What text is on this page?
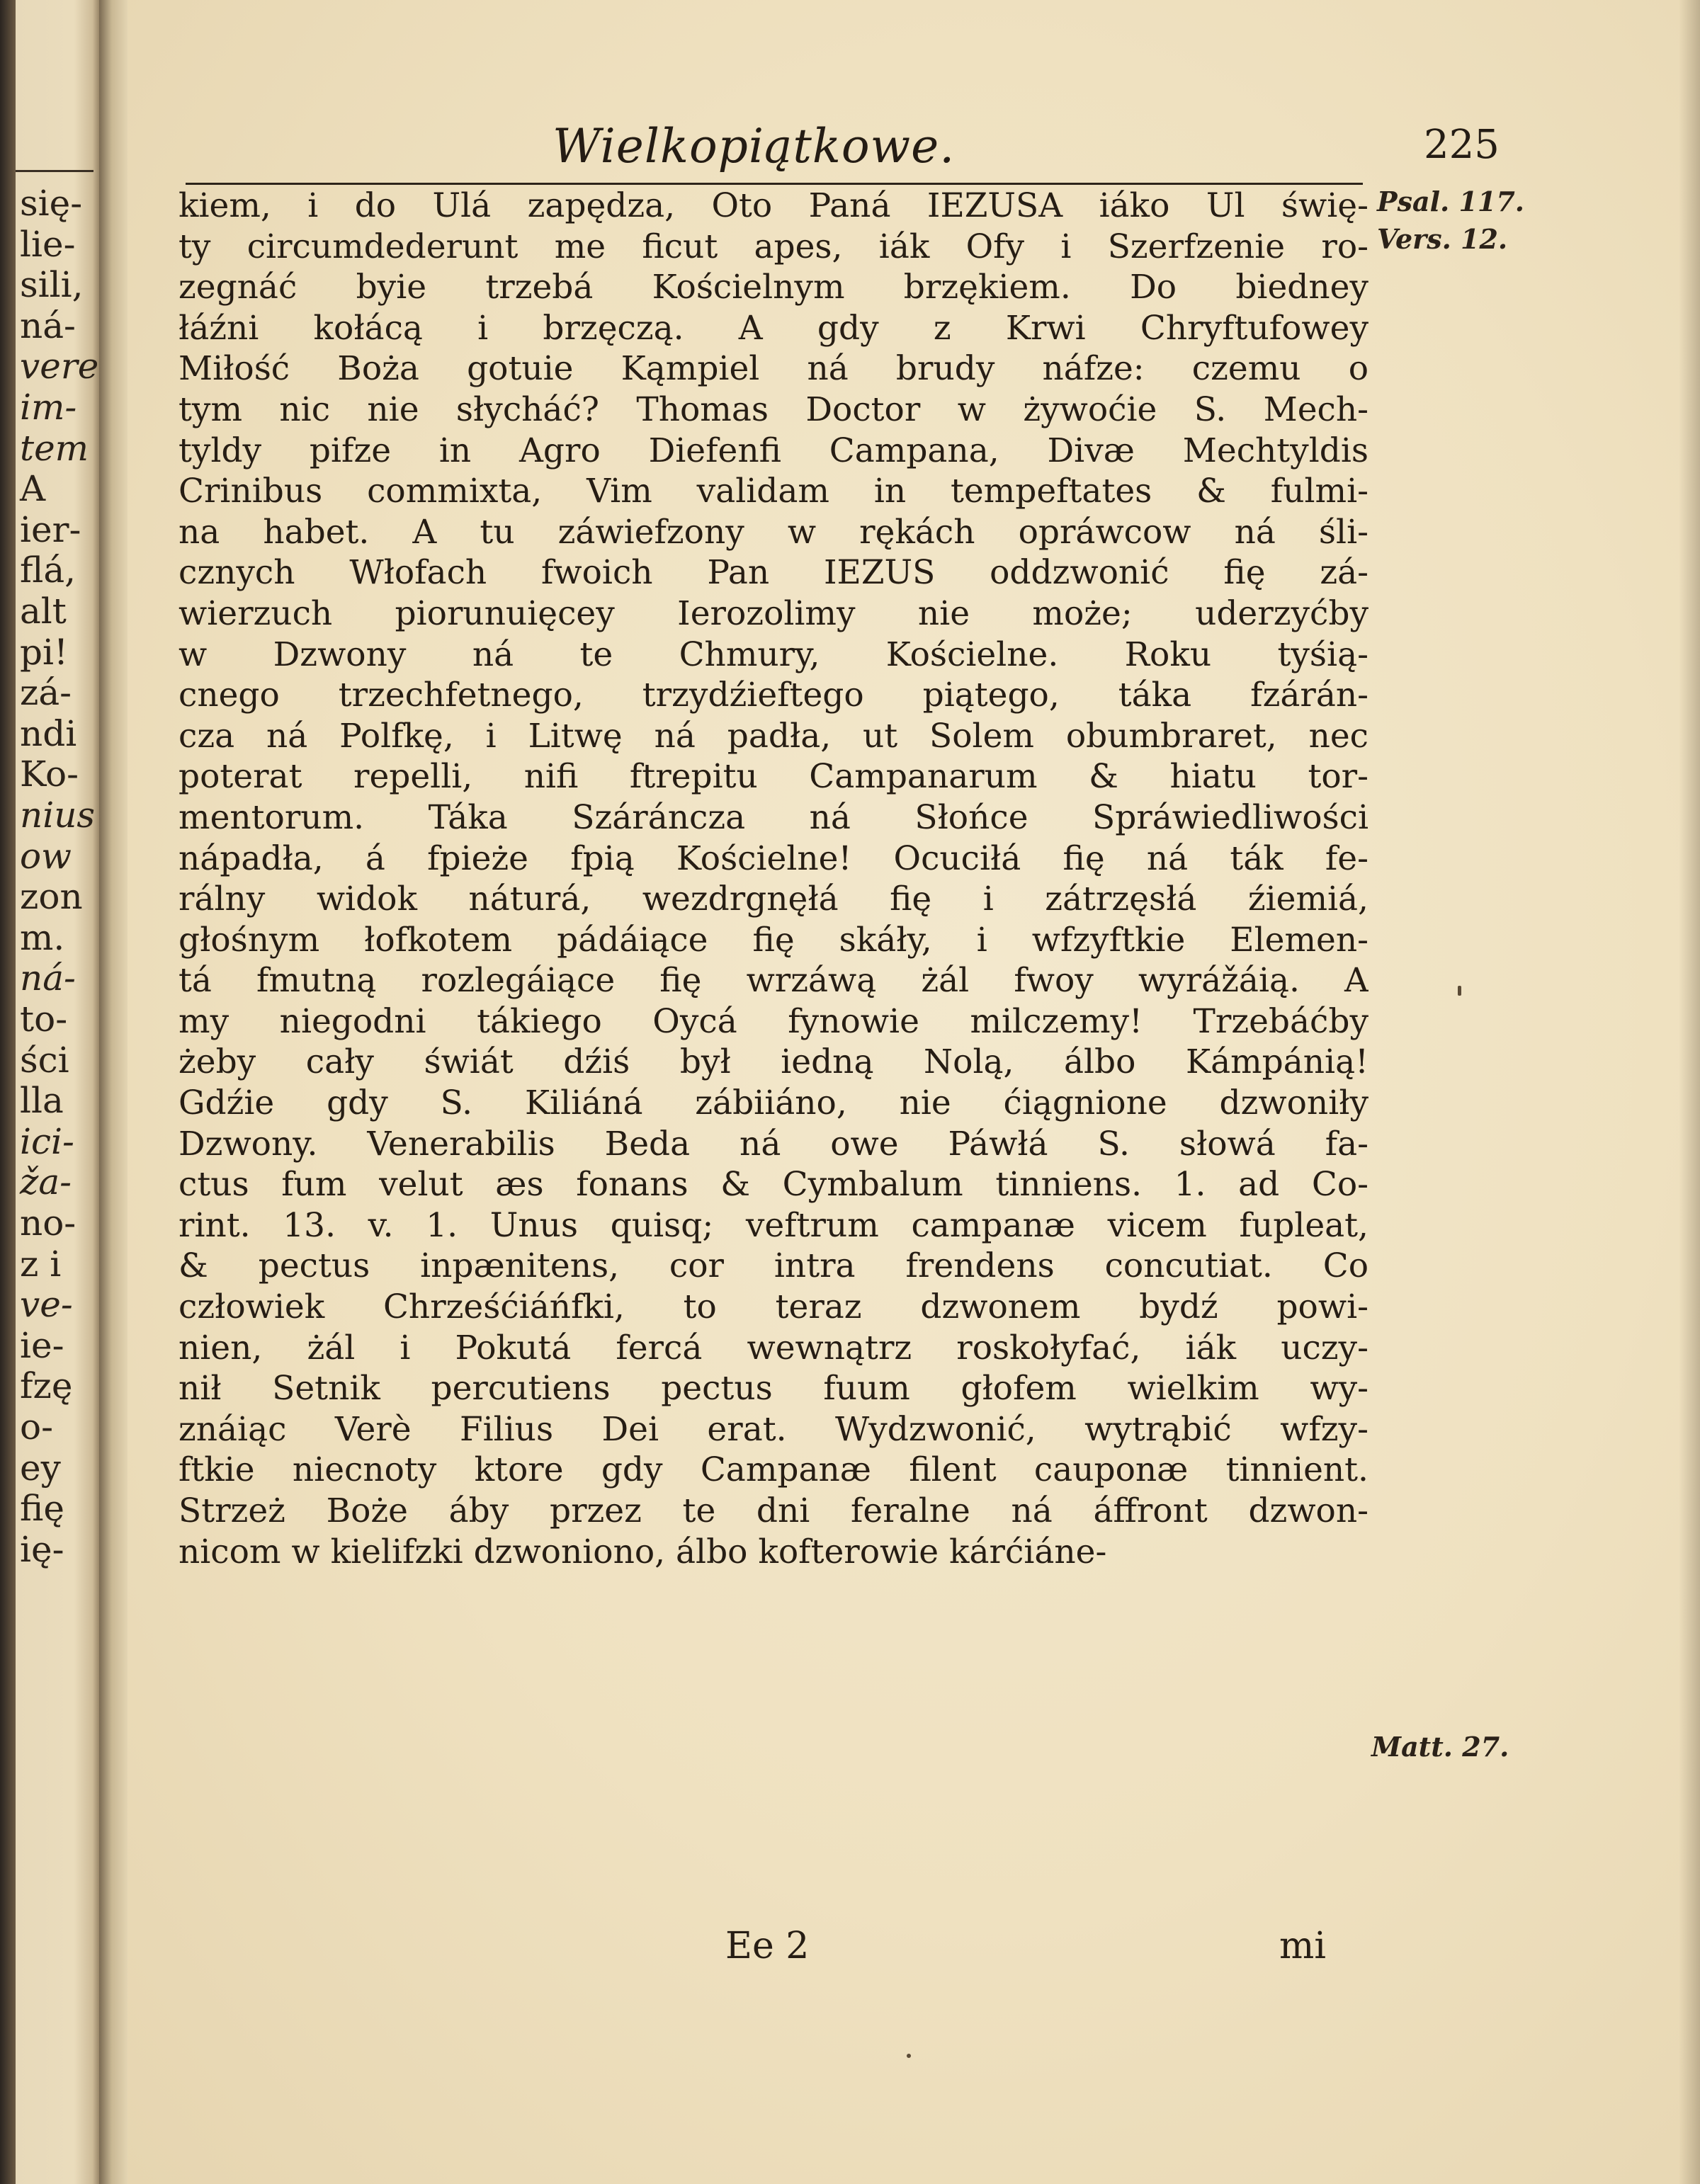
się-
lie-
sili,
ná-
vere
im-
tem
A
ier-
flá,
alt
pi!
zá-
ndi
Ko-
nius
ow
zon
m.
ná-
to-
ści
lla
ici-
ža-
no-
z i
ve-
ie-
fzę
o-
ey
fię
ię-
Wielkopiątkowe.	225
Psal. 117.
Vers. 12.
Matt. 27.
kiem, i do Ulá zapędza, Oto Paná IEZUSA iáko Ul świę-
ty circumdederunt me ficut apes, iák Ofy i Szerfzenie ro-
zegnáć byie trzebá Kościelnym brzękiem. Do biedney
łáźni kołácą i brzęczą. A gdy z Krwi Chryftufowey
Miłość Boża gotuie Kąmpiel ná brudy náfze: czemu o
tym nic nie słycháć? Thomas Doctor w żywoćie S. Mech-
tyldy pifze in Agro Diefenfi Campana, Divæ Mechtyldis
Crinibus commixta, Vim validam in tempeftates & fulmi-
na habet. A tu záwiefzony w rękách opráwcow ná śli-
cznych Włofach fwoich Pan IEZUS oddzwonić fię zá-
wierzuch piorunuięcey Ierozolimy nie może; uderzyćby
w Dzwony ná te Chmury, Kościelne. Roku tyśią-
cnego trzechfetnego, trzydźieftego piątego, táka fzárán-
cza ná Polfkę, i Litwę ná padła, ut Solem obumbraret, nec
poterat repelli, nifi ftrepitu Campanarum & hiatu tor-
mentorum. Táka Száráncza ná Słońce Spráwiedliwości
nápadła, á fpieże fpią Kościelne! Ocuciłá fię ná ták fe-
rálny widok náturá, wezdrgnęłá fię i zátrzęsłá źiemiá,
głośnym łofkotem pádáiące fię skáły, i wfzyftkie Elemen-
tá fmutną rozlegáiące fię wrzáwą żál fwoy wyrážáią. A
my niegodni tákiego Oycá fynowie milczemy! Trzebáćby
żeby cały świát dźiś był iedną Nolą, álbo Kámpánią!
Gdźie gdy S. Kiliáná zábiiáno, nie ćiągnione dzwoniły
Dzwony. Venerabilis Beda ná owe Páwłá S. słowá fa-
ctus fum velut æs fonans & Cymbalum tinniens. 1. ad Co-
rint. 13. v. 1. Unus quisq; veftrum campanæ vicem fupleat,
& pectus inpænitens, cor intra frendens concutiat. Co
człowiek Chrześćiáńfki, to teraz dzwonem bydź powi-
nien, żál i Pokutá fercá wewnątrz roskołyfać, iák uczy-
nił Setnik percutiens pectus fuum głofem wielkim wy-
znáiąc Verè Filius Dei erat. Wydzwonić, wytrąbić wfzy-
ftkie niecnoty ktore gdy Campanæ filent cauponæ tinnient.
Strzeż Boże áby przez te dni feralne ná áffront dzwon-
nicom w kielifzki dzwoniono, álbo kofterowie kárćiáne-
Ee 2	mi
